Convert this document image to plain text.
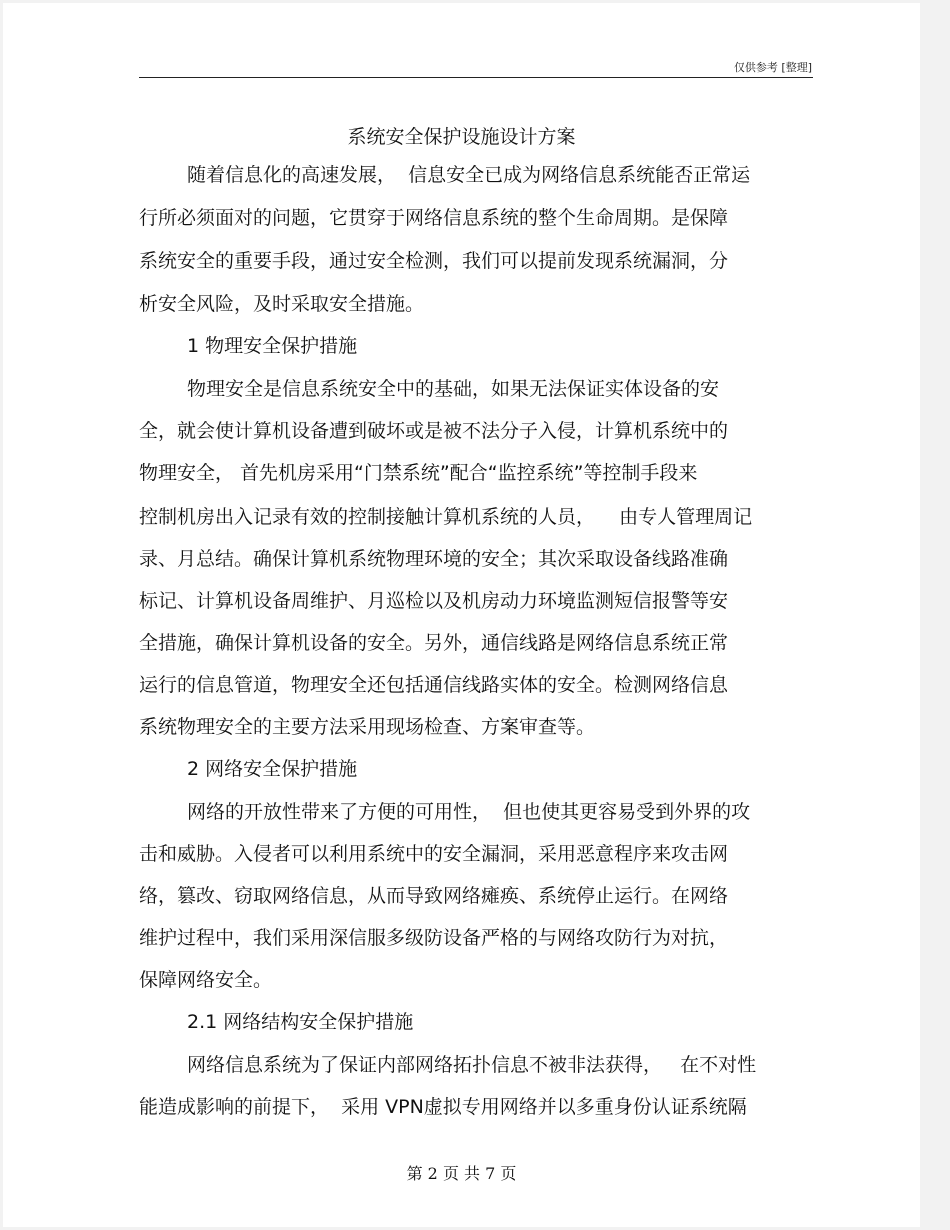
仅供参考 [整理]
系统安全保护设施设计方案
随着信息化的高速发展，  信息安全已成为网络信息系统能否正常运
行所必须面对的问题，它贯穿于网络信息系统的整个生命周期。是保障
系统安全的重要手段，通过安全检测，我们可以提前发现系统漏洞，分
析安全风险，及时采取安全措施。
1 物理安全保护措施
物理安全是信息系统安全中的基础，如果无法保证实体设备的安
全，就会使计算机设备遭到破坏或是被不法分子入侵，计算机系统中的
物理安全， 首先机房采用“门禁系统”配合“监控系统”等控制手段来
控制机房出入记录有效的控制接触计算机系统的人员，    由专人管理周记
录、月总结。确保计算机系统物理环境的安全；其次采取设备线路准确
标记、计算机设备周维护、月巡检以及机房动力环境监测短信报警等安
全措施，确保计算机设备的安全。另外，通信线路是网络信息系统正常
运行的信息管道，物理安全还包括通信线路实体的安全。检测网络信息
系统物理安全的主要方法采用现场检查、方案审查等。
2 网络安全保护措施
网络的开放性带来了方便的可用性，  但也使其更容易受到外界的攻
击和威胁。入侵者可以利用系统中的安全漏洞，采用恶意程序来攻击网
络，篡改、窃取网络信息，从而导致网络瘫痪、系统停止运行。在网络
维护过程中，我们采用深信服多级防设备严格的与网络攻防行为对抗，
保障网络安全。
2.1 网络结构安全保护措施
网络信息系统为了保证内部网络拓扑信息不被非法获得，   在不对性
能造成影响的前提下，  采用 VPN虚拟专用网络并以多重身份认证系统隔
第 2 页 共 7 页
